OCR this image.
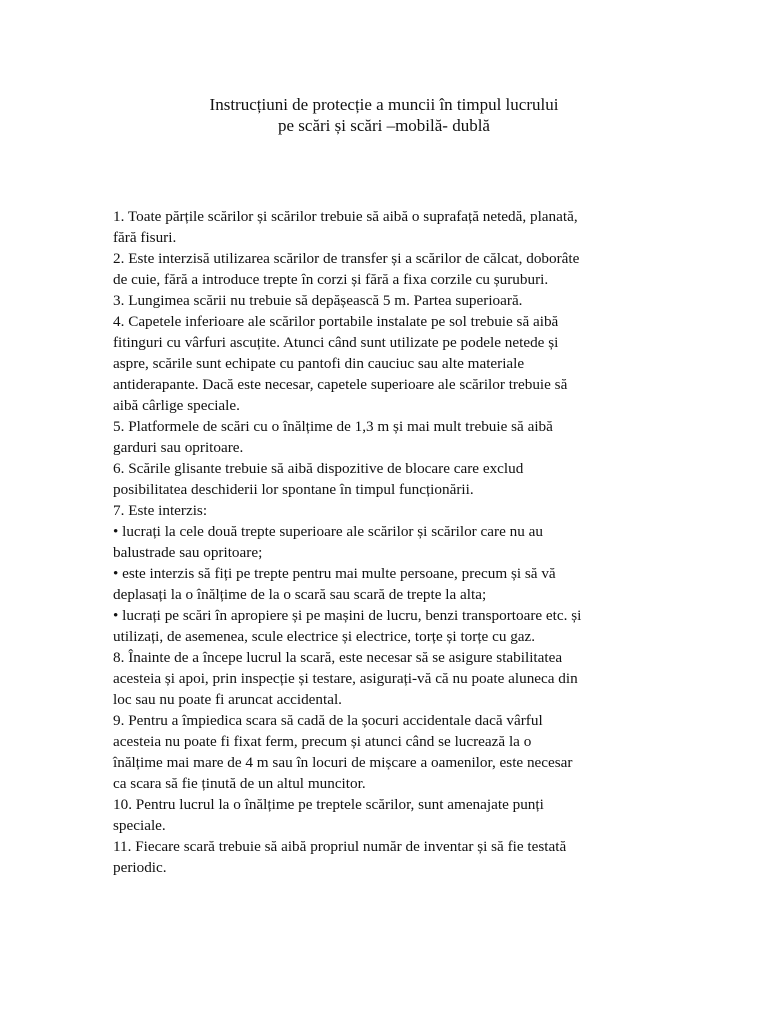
Instrucțiuni de protecție a muncii în timpul lucrului
pe scări și scări –mobilă- dublă
1. Toate părțile scărilor și scărilor trebuie să aibă o suprafață netedă, planată,
fără fisuri.
2. Este interzisă utilizarea scărilor de transfer și a scărilor de călcat, doborâte
de cuie, fără a introduce trepte în corzi și fără a fixa corzile cu șuruburi.
3. Lungimea scării nu trebuie să depășească 5 m. Partea superioară.
4. Capetele inferioare ale scărilor portabile instalate pe sol trebuie să aibă
fitinguri cu vârfuri ascuțite. Atunci când sunt utilizate pe podele netede și
aspre, scările sunt echipate cu pantofi din cauciuc sau alte materiale
antiderapante. Dacă este necesar, capetele superioare ale scărilor trebuie să
aibă cârlige speciale.
5. Platformele de scări cu o înălțime de 1,3 m și mai mult trebuie să aibă
garduri sau opritoare.
6. Scările glisante trebuie să aibă dispozitive de blocare care exclud
posibilitatea deschiderii lor spontane în timpul funcționării.
7. Este interzis:
• lucrați la cele două trepte superioare ale scărilor și scărilor care nu au
balustrade sau opritoare;
• este interzis să fiți pe trepte pentru mai multe persoane, precum și să vă
deplasați la o înălțime de la o scară sau scară de trepte la alta;
• lucrați pe scări în apropiere și pe mașini de lucru, benzi transportoare etc. și
utilizați, de asemenea, scule electrice și electrice, torțe și torțe cu gaz.
8. Înainte de a începe lucrul la scară, este necesar să se asigure stabilitatea
acesteia și apoi, prin inspecție și testare, asigurați-vă că nu poate aluneca din
loc sau nu poate fi aruncat accidental.
9. Pentru a împiedica scara să cadă de la șocuri accidentale dacă vârful
acesteia nu poate fi fixat ferm, precum și atunci când se lucrează la o
înălțime mai mare de 4 m sau în locuri de mișcare a oamenilor, este necesar
ca scara să fie ținută de un altul muncitor.
10. Pentru lucrul la o înălțime pe treptele scărilor, sunt amenajate punți
speciale.
11. Fiecare scară trebuie să aibă propriul număr de inventar și să fie testată
periodic.
